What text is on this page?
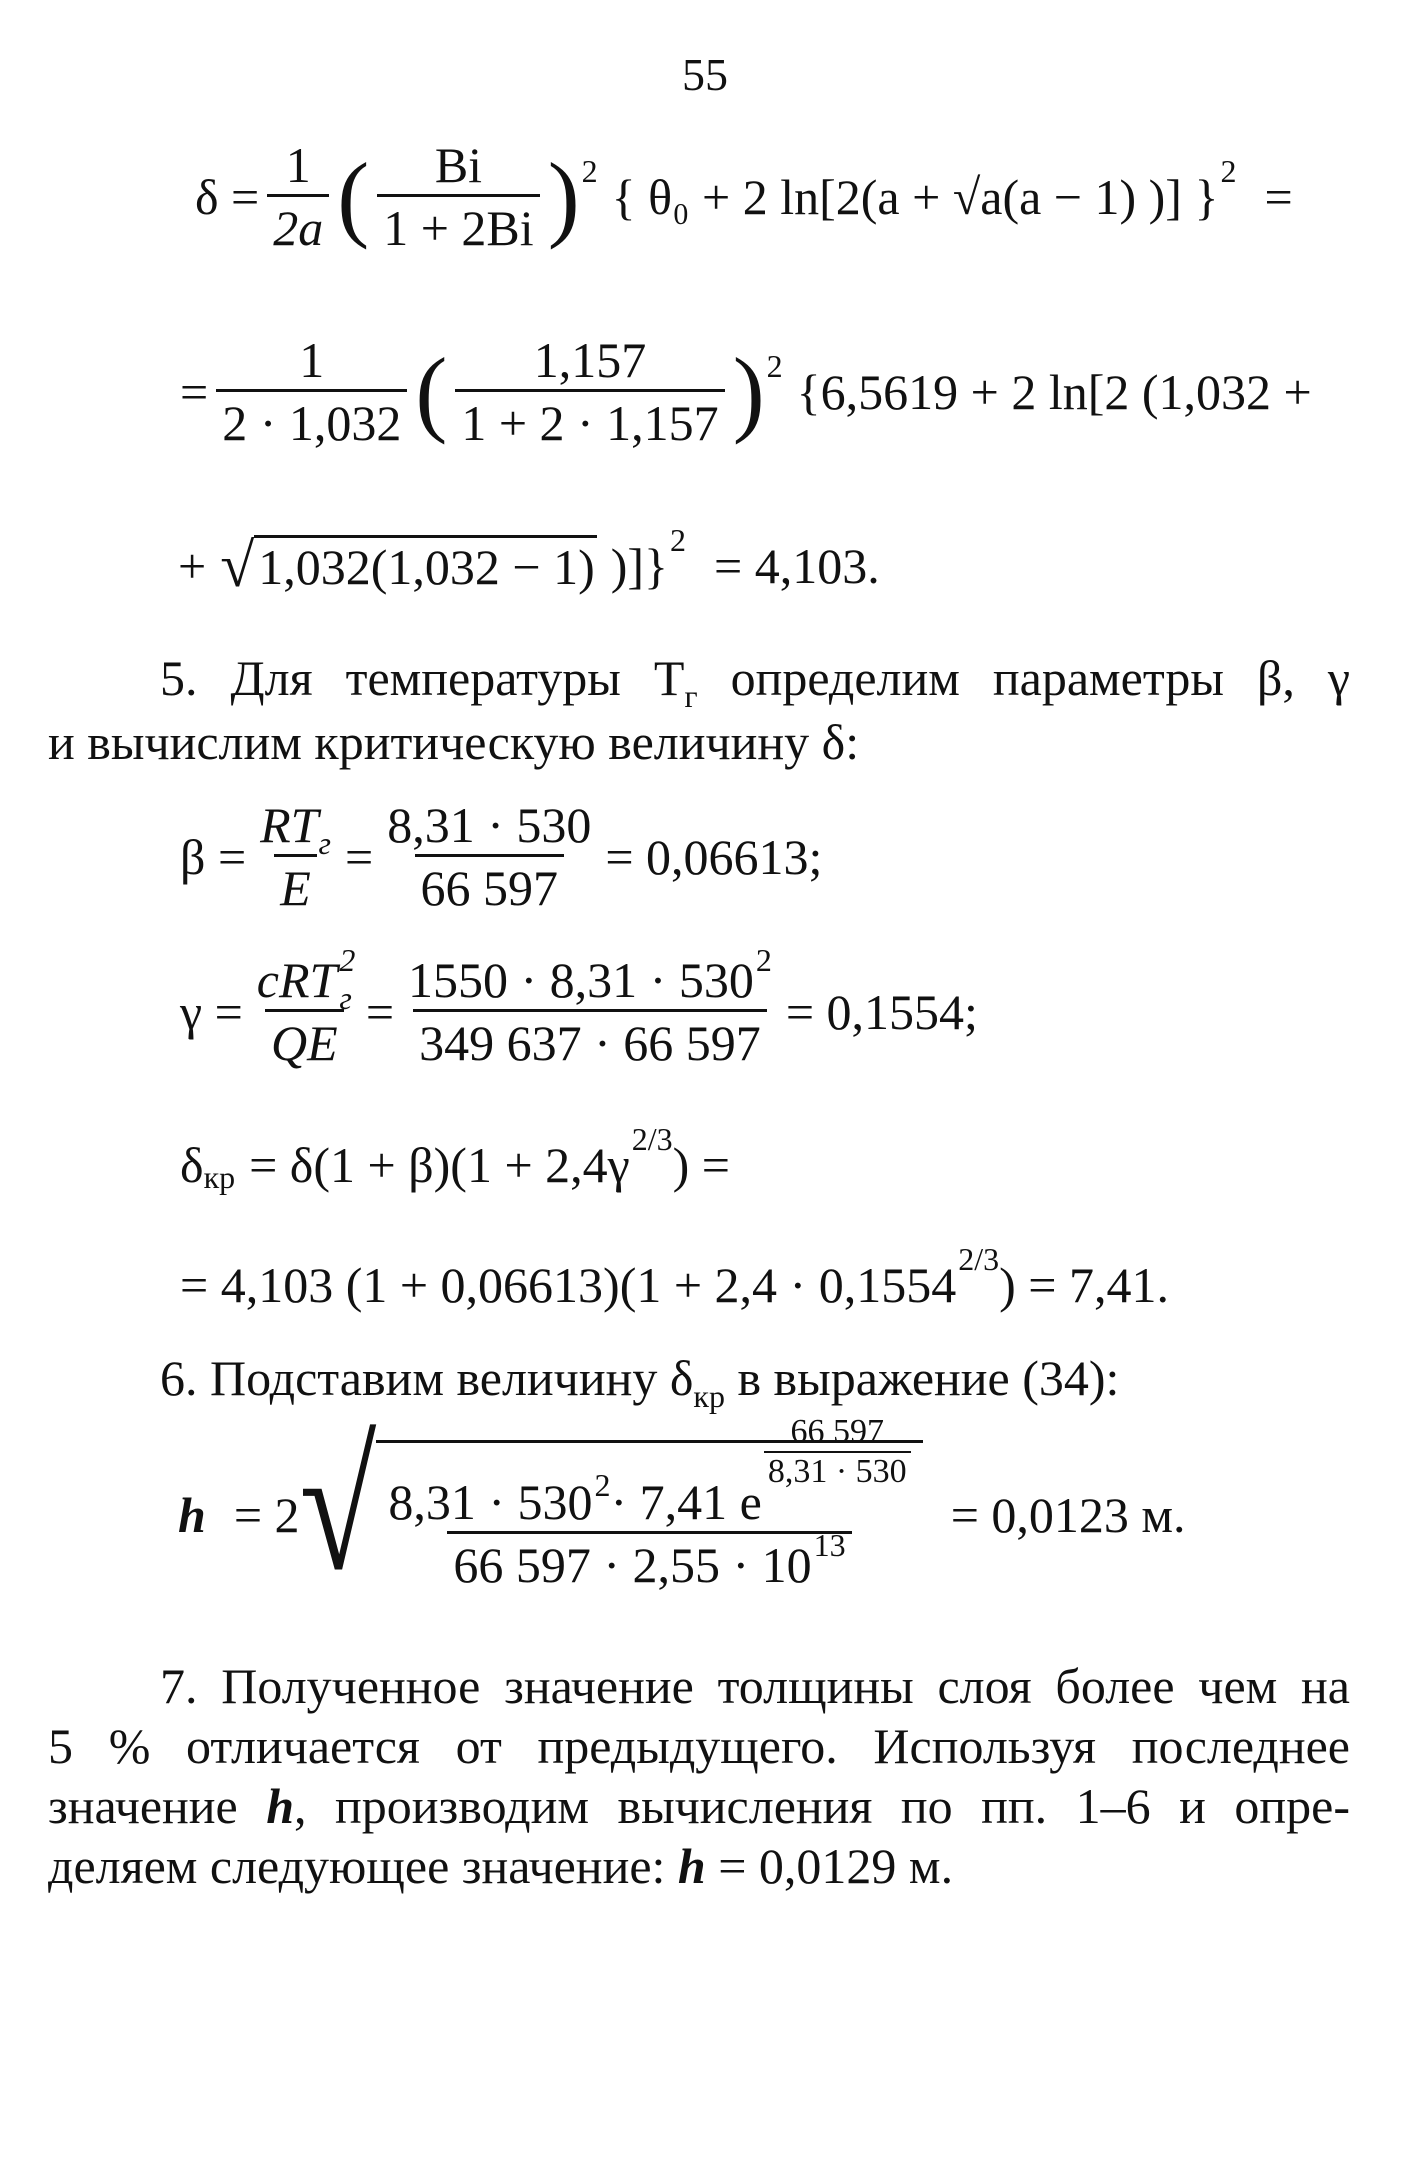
55
$\delta = \frac{1}{2a}$ ( $\frac{Bi}{1 + 2Bi}$ ) 2 { θ₀ + 2 ln[2(a + √a(a − 1) )] } 2 =
= $\frac{1}{2 \cdot 1,032}$ ( $\frac{1,157}{1 + 2 \cdot 1,157}$ ) 2 {6,5619 + 2 ln[2 (1,032 +
+ √ 1,032(1,032 − 1) )]} 2 = 4,103.
5. Для температуры $T_г$ определим параметры β, γ
и вычислим критическую величину δ:
$\beta = \frac{RT_г}{E} = \frac{8,31 \cdot 530}{66 597} = 0,06613$;
$\gamma = \frac{cRT^2_г}{QE} = \frac{1550 \cdot 8,31 \cdot 530^2}{349 637 \cdot 66 597} = 0,1554$;
δ кр = δ(1 + β)(1 + 2,4γ 2/3 ) =
= 4,103 (1 + 0,06613)(1 + 2,4 · 0,1554 2/3 ) = 7,41.
6. Подставим величину $\delta_{кр}$ в выражение (34):
h = 2 √ 8,31 · 530 2 · 7,41 e
$\frac{66 597}{8,31 \cdot 530}$
66 $597 \cdot 2,55 \cdot 10^{13}$
= 0,0123 м.
7. Полученное значение толщины слоя более чем на
5 % отличается от предыдущего. Используя последнее
значение h, производим вычисления по пп. 1–6 и опре-
деляем следующее значение: h = 0,0129 м.
